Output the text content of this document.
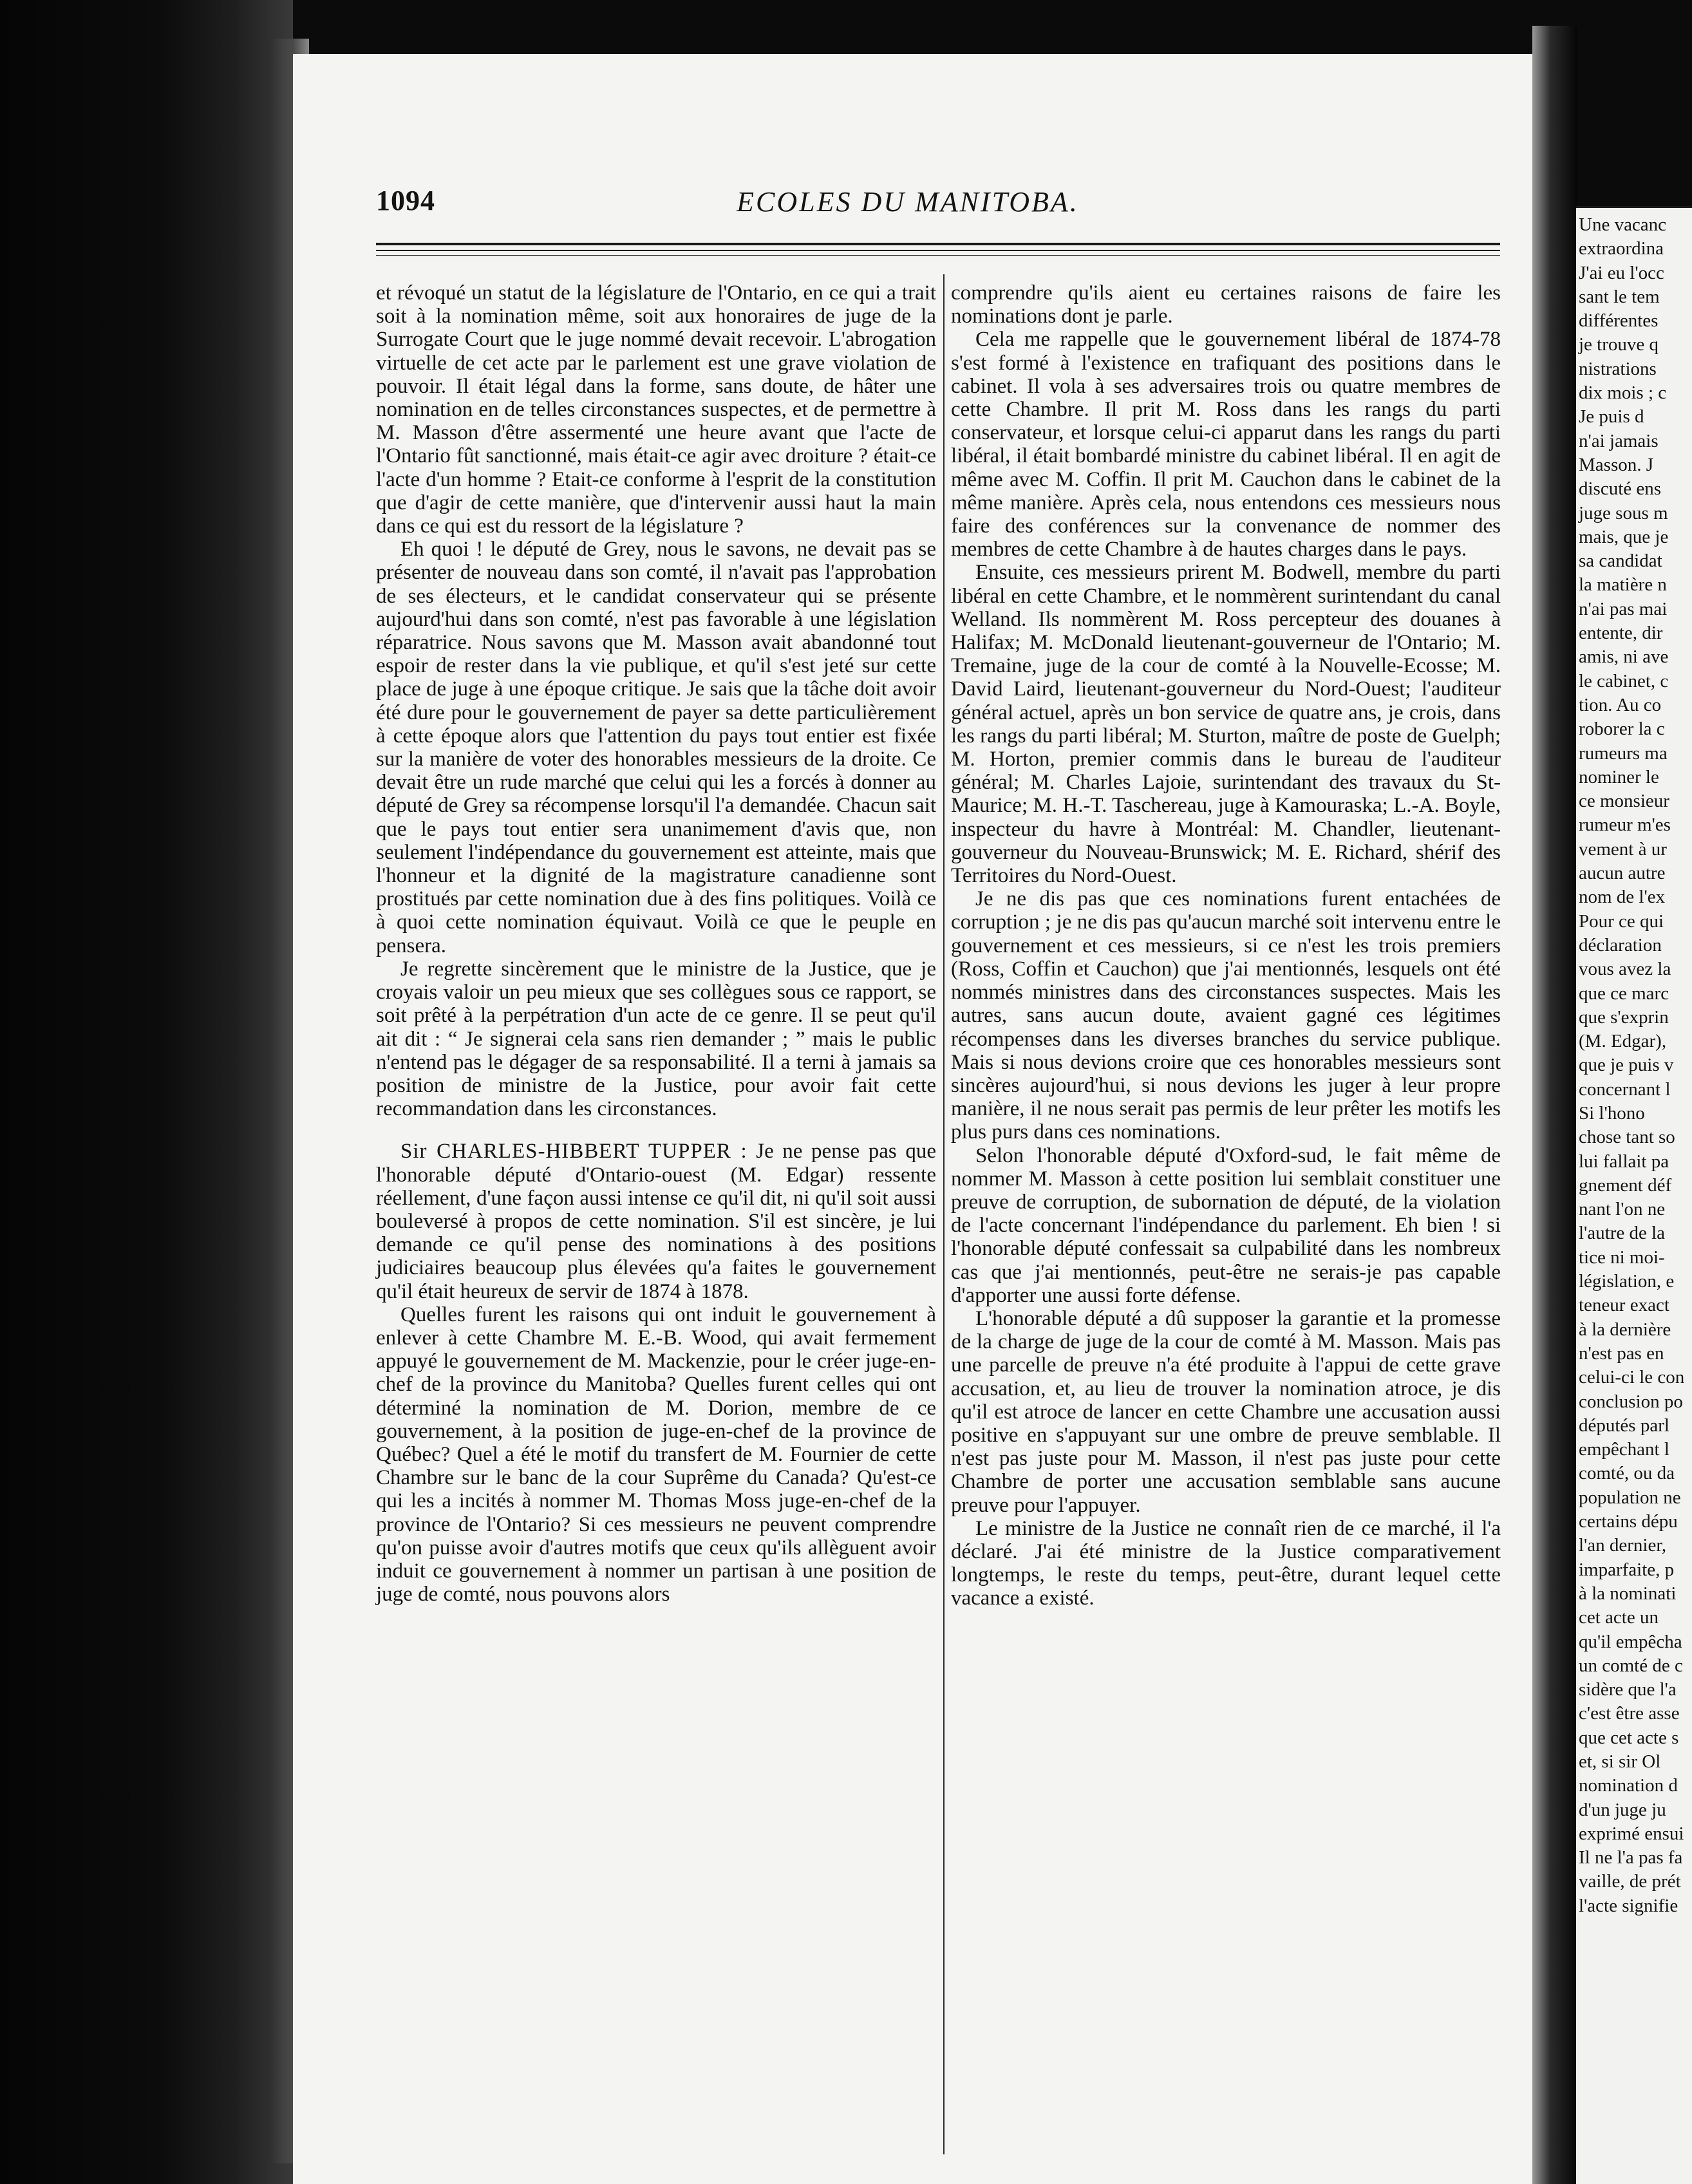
1094	ECOLES DU MANITOBA.

et révoqué un statut de la législature de l'Ontario, en ce qui a trait soit à la nomination même, soit aux honoraires de juge de la Surrogate Court que le juge nommé devait recevoir. L'abrogation virtuelle de cet acte par le parlement est une grave violation de pouvoir. Il était légal dans la forme, sans doute, de hâter une nomination en de telles circonstances suspectes, et de permettre à M. Masson d'être assermenté une heure avant que l'acte de l'Ontario fût sanctionné, mais était-ce agir avec droiture ? était-ce l'acte d'un homme ? Etait-ce conforme à l'esprit de la constitution que d'agir de cette manière, que d'intervenir aussi haut la main dans ce qui est du ressort de la législature ?

Eh quoi ! le député de Grey, nous le savons, ne devait pas se présenter de nouveau dans son comté, il n'avait pas l'approbation de ses électeurs, et le candidat conservateur qui se présente aujourd'hui dans son comté, n'est pas favorable à une législation réparatrice. Nous savons que M. Masson avait abandonné tout espoir de rester dans la vie publique, et qu'il s'est jeté sur cette place de juge à une époque critique. Je sais que la tâche doit avoir été dure pour le gouvernement de payer sa dette particulièrement à cette époque alors que l'attention du pays tout entier est fixée sur la manière de voter des honorables messieurs de la droite. Ce devait être un rude marché que celui qui les a forcés à donner au député de Grey sa récompense lorsqu'il l'a demandée. Chacun sait que le pays tout entier sera unanimement d'avis que, non seulement l'indépendance du gouvernement est atteinte, mais que l'honneur et la dignité de la magistrature canadienne sont prostitués par cette nomination due à des fins politiques. Voilà ce à quoi cette nomination équivaut. Voilà ce que le peuple en pensera.

Je regrette sincèrement que le ministre de la Justice, que je croyais valoir un peu mieux que ses collègues sous ce rapport, se soit prêté à la perpétration d'un acte de ce genre. Il se peut qu'il ait dit : “ Je signerai cela sans rien demander ; ” mais le public n'entend pas le dégager de sa responsabilité. Il a terni à jamais sa position de ministre de la Justice, pour avoir fait cette recommandation dans les circonstances.

Sir CHARLES-HIBBERT TUPPER : Je ne pense pas que l'honorable député d'Ontario-ouest (M. Edgar) ressente réellement, d'une façon aussi intense ce qu'il dit, ni qu'il soit aussi bouleversé à propos de cette nomination. S'il est sincère, je lui demande ce qu'il pense des nominations à des positions judiciaires beaucoup plus élevées qu'a faites le gouvernement qu'il était heureux de servir de 1874 à 1878.

Quelles furent les raisons qui ont induit le gouvernement à enlever à cette Chambre M. E.-B. Wood, qui avait fermement appuyé le gouvernement de M. Mackenzie, pour le créer juge-en-chef de la province du Manitoba? Quelles furent celles qui ont déterminé la nomination de M. Dorion, membre de ce gouvernement, à la position de juge-en-chef de la province de Québec? Quel a été le motif du transfert de M. Fournier de cette Chambre sur le banc de la cour Suprême du Canada? Qu'est-ce qui les a incités à nommer M. Thomas Moss juge-en-chef de la province de l'Ontario? Si ces messieurs ne peuvent comprendre qu'on puisse avoir d'autres motifs que ceux qu'ils allèguent avoir induit ce gouvernement à nommer un partisan à une position de juge de comté, nous pouvons alors

comprendre qu'ils aient eu certaines raisons de faire les nominations dont je parle.

Cela me rappelle que le gouvernement libéral de 1874-78 s'est formé à l'existence en trafiquant des positions dans le cabinet. Il vola à ses adversaires trois ou quatre membres de cette Chambre. Il prit M. Ross dans les rangs du parti conservateur, et lorsque celui-ci apparut dans les rangs du parti libéral, il était bombardé ministre du cabinet libéral. Il en agit de même avec M. Coffin. Il prit M. Cauchon dans le cabinet de la même manière. Après cela, nous entendons ces messieurs nous faire des conférences sur la convenance de nommer des membres de cette Chambre à de hautes charges dans le pays.

Ensuite, ces messieurs prirent M. Bodwell, membre du parti libéral en cette Chambre, et le nommèrent surintendant du canal Welland. Ils nommèrent M. Ross percepteur des douanes à Halifax; M. McDonald lieutenant-gouverneur de l'Ontario; M. Tremaine, juge de la cour de comté à la Nouvelle-Ecosse; M. David Laird, lieutenant-gouverneur du Nord-Ouest; l'auditeur général actuel, après un bon service de quatre ans, je crois, dans les rangs du parti libéral; M. Sturton, maître de poste de Guelph; M. Horton, premier commis dans le bureau de l'auditeur général; M. Charles Lajoie, surintendant des travaux du St-Maurice; M. H.-T. Taschereau, juge à Kamouraska; L.-A. Boyle, inspecteur du havre à Montréal: M. Chandler, lieutenant-gouverneur du Nouveau-Brunswick; M. E. Richard, shérif des Territoires du Nord-Ouest.

Je ne dis pas que ces nominations furent entachées de corruption ; je ne dis pas qu'aucun marché soit intervenu entre le gouvernement et ces messieurs, si ce n'est les trois premiers (Ross, Coffin et Cauchon) que j'ai mentionnés, lesquels ont été nommés ministres dans des circonstances suspectes. Mais les autres, sans aucun doute, avaient gagné ces légitimes récompenses dans les diverses branches du service publique. Mais si nous devions croire que ces honorables messieurs sont sincères aujourd'hui, si nous devions les juger à leur propre manière, il ne nous serait pas permis de leur prêter les motifs les plus purs dans ces nominations.

Selon l'honorable député d'Oxford-sud, le fait même de nommer M. Masson à cette position lui semblait constituer une preuve de corruption, de subornation de député, de la violation de l'acte concernant l'indépendance du parlement. Eh bien ! si l'honorable député confessait sa culpabilité dans les nombreux cas que j'ai mentionnés, peut-être ne serais-je pas capable d'apporter une aussi forte défense.

L'honorable député a dû supposer la garantie et la promesse de la charge de juge de la cour de comté à M. Masson. Mais pas une parcelle de preuve n'a été produite à l'appui de cette grave accusation, et, au lieu de trouver la nomination atroce, je dis qu'il est atroce de lancer en cette Chambre une accusation aussi positive en s'appuyant sur une ombre de preuve semblable. Il n'est pas juste pour M. Masson, il n'est pas juste pour cette Chambre de porter une accusation semblable sans aucune preuve pour l'appuyer.

Le ministre de la Justice ne connaît rien de ce marché, il l'a déclaré. J'ai été ministre de la Justice comparativement longtemps, le reste du temps, peut-être, durant lequel cette vacance a existé.

Une vacanc
extraordina
J'ai eu l'occ
sant le tem
différentes
je trouve q
nistrations
dix mois ; c
Je puis d
n'ai jamais
Masson. J
discuté ens
juge sous m
mais, que je
sa candidat
la matière n
n'ai pas mai
entente, dir
amis, ni ave
le cabinet, c
tion. Au co
roborer la c
rumeurs ma
nominer le
ce monsieur
rumeur m'es
vement à ur
aucun autre
nom de l'ex
Pour ce qui
déclaration
vous avez la
que ce marc
que s'exprin
(M. Edgar),
que je puis v
concernant l
Si l'hono
chose tant so
lui fallait pa
gnement déf
nant l'on ne
l'autre de la
tice ni moi-
législation, e
teneur exact
à la dernière
n'est pas en
celui-ci le con
conclusion po
députés parl
empêchant l
comté, ou da
population ne
certains dépu
l'an dernier,
imparfaite, p
à la nominati
cet acte un
qu'il empêcha
un comté de c
sidère que l'a
c'est être asse
que cet acte s
et, si sir Ol
nomination d
d'un juge ju
exprimé ensui
Il ne l'a pas fa
vaille, de prét
l'acte signifie
